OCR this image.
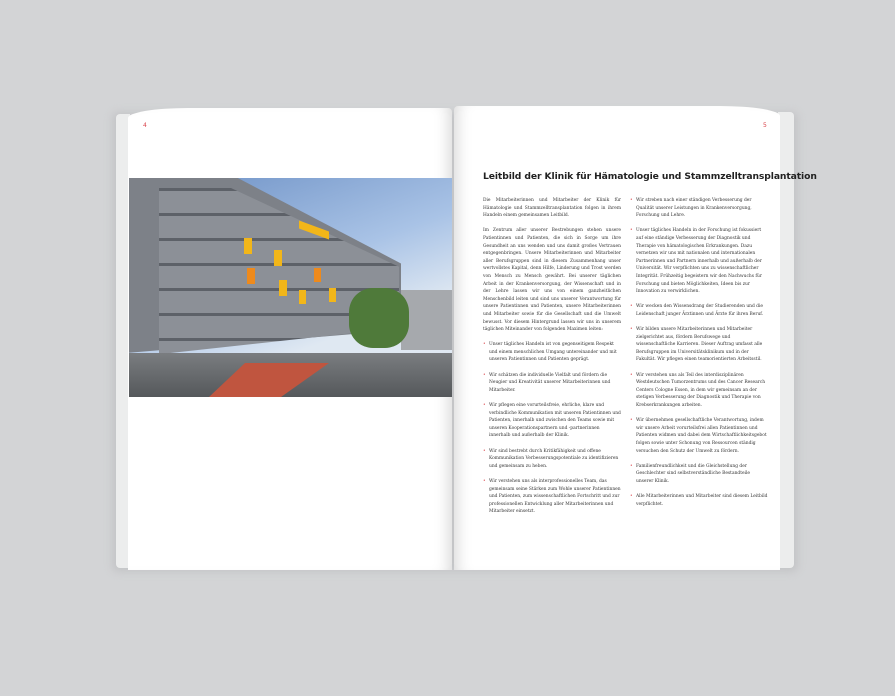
4	5
Leitbild der Klinik für Hämatologie und Stammzelltransplantation

Die Mitarbeiterinnen und Mitarbeiter der Klinik für Hämatologie und Stammzelltransplantation folgen in ihrem Handeln einem gemeinsamen Leitbild.

Im Zentrum aller unserer Bestrebungen stehen unsere Patientinnen und Patienten, die sich in Sorge um ihre Gesundheit an uns wenden und uns damit großes Vertrauen entgegenbringen. Unsere Mitarbeiterinnen und Mitarbeiter aller Berufsgruppen sind in diesem Zusammenhang unser wertvollstes Kapital, denn Hilfe, Linderung und Trost werden von Mensch zu Mensch gewährt. Bei unserer täglichen Arbeit in der Krankenversorgung, der Wissenschaft und in der Lehre lassen wir uns von einem ganzheitlichen Menschenbild leiten und sind uns unserer Verantwortung für unsere Patientinnen und Patienten, unsere Mitarbeiterinnen und Mitarbeiter sowie für die Gesellschaft und die Umwelt bewusst. Vor diesem Hintergrund lassen wir uns in unserem täglichen Miteinander von folgenden Maximen leiten:

• Unser tägliches Handeln ist von gegenseitigem Respekt und einem menschlichen Umgang untereinander und mit unseren Patientinnen und Patienten geprägt.
• Wir schätzen die individuelle Vielfalt und fördern die Neugier und Kreativität unserer Mitarbeiterinnen und Mitarbeiter.
• Wir pflegen eine vorurteilsfreie, ehrliche, klare und verbindliche Kommunikation mit unseren Patientinnen und Patienten, innerhalb und zwischen den Teams sowie mit unseren Kooperationspartnern und -partnerinnen innerhalb und außerhalb der Klinik.
• Wir sind bestrebt durch Kritikfähigkeit und offene Kommunikation Verbesserungspotentiale zu identifizieren und gemeinsam zu heben.
• Wir verstehen uns als interprofessionelles Team, das gemeinsam seine Stärken zum Wohle unserer Patientinnen und Patienten, zum wissenschaftlichen Fortschritt und zur professionellen Entwicklung aller Mitarbeiterinnen und Mitarbeiter einsetzt.
• Wir streben nach einer ständigen Verbesserung der Qualität unserer Leistungen in Krankenversorgung, Forschung und Lehre.
• Unser tägliches Handeln in der Forschung ist fokussiert auf eine ständige Verbesserung der Diagnostik und Therapie von hämatologischen Erkrankungen. Dazu vernetzen wir uns mit nationalen und internationalen Partnerinnen und Partnern innerhalb und außerhalb der Universität. Wir verpflichten uns zu wissenschaftlicher Integrität. Frühzeitig begeistern wir den Nachwuchs für Forschung und bieten Möglichkeiten, Ideen bis zur Innovation zu verwirklichen.
• Wir wecken den Wissensdrang der Studierenden und die Leidenschaft junger Ärztinnen und Ärzte für ihren Beruf.
• Wir bilden unsere Mitarbeiterinnen und Mitarbeiter zielgerichtet aus, fördern Berufswege und wissenschaftliche Karrieren. Dieser Auftrag umfasst alle Berufsgruppen im Universitätsklinikum und in der Fakultät. Wir pflegen einen teamorientierten Arbeitsstil.
• Wir verstehen uns als Teil des interdisziplinären Westdeutschen Tumorzentrums und des Cancer Research Centers Cologne Essen, in dem wir gemeinsam an der stetigen Verbesserung der Diagnostik und Therapie von Krebserkrankungen arbeiten.
• Wir übernehmen gesellschaftliche Verantwortung, indem wir unsere Arbeit vorurteilsfrei allen Patientinnen und Patienten widmen und dabei dem Wirtschaftlichkeitsgebot folgen sowie unter Schonung von Ressourcen ständig versuchen den Schutz der Umwelt zu fördern.
• Familienfreundlichkeit und die Gleichstellung der Geschlechter sind selbstverständliche Bestandteile unserer Klinik.
• Alle Mitarbeiterinnen und Mitarbeiter sind diesem Leitbild verpflichtet.
